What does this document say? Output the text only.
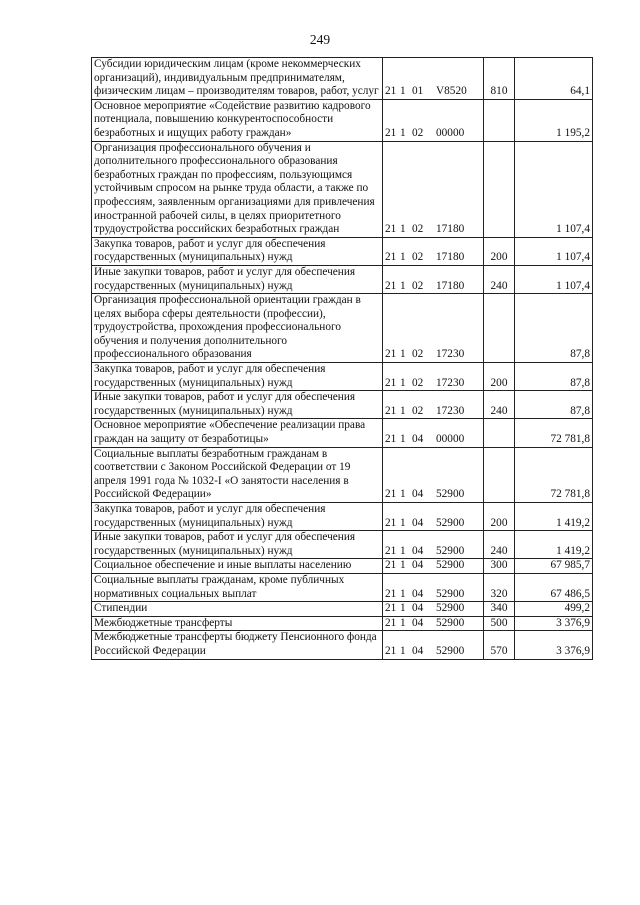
249
Субсидии юридическим лицам (кроме некоммерческих организаций), индивидуальным предпринимателям, физическим лицам – производителям товаров, работ, услуг	21 1 01 V8520	810	64,1
Основное мероприятие «Содействие развитию кадрового потенциала, повышению конкурентоспособности безработных и ищущих работу граждан»	21 1 02 00000		1 195,2
Организация профессионального обучения и дополнительного профессионального образования безработных граждан по профессиям, пользующимся устойчивым спросом на рынке труда области, а также по профессиям, заявленным организациями для привлечения иностранной рабочей силы, в целях приоритетного трудоустройства российских безработных граждан	21 1 02 17180		1 107,4
Закупка товаров, работ и услуг для обеспечения государственных (муниципальных) нужд	21 1 02 17180	200	1 107,4
Иные закупки товаров, работ и услуг для обеспечения государственных (муниципальных) нужд	21 1 02 17180	240	1 107,4
Организация профессиональной ориентации граждан в целях выбора сферы деятельности (профессии), трудоустройства, прохождения профессионального обучения и получения дополнительного профессионального образования	21 1 02 17230		87,8
Закупка товаров, работ и услуг для обеспечения государственных (муниципальных) нужд	21 1 02 17230	200	87,8
Иные закупки товаров, работ и услуг для обеспечения государственных (муниципальных) нужд	21 1 02 17230	240	87,8
Основное мероприятие «Обеспечение реализации права граждан на защиту от безработицы»	21 1 04 00000		72 781,8
Социальные выплаты безработным гражданам в соответствии с Законом Российской Федерации от 19 апреля 1991 года № 1032-I «О занятости населения в Российской Федерации»	21 1 04 52900		72 781,8
Закупка товаров, работ и услуг для обеспечения государственных (муниципальных) нужд	21 1 04 52900	200	1 419,2
Иные закупки товаров, работ и услуг для обеспечения государственных (муниципальных) нужд	21 1 04 52900	240	1 419,2
Социальное обеспечение и иные выплаты населению	21 1 04 52900	300	67 985,7
Социальные выплаты гражданам, кроме публичных нормативных социальных выплат	21 1 04 52900	320	67 486,5
Стипендии	21 1 04 52900	340	499,2
Межбюджетные трансферты	21 1 04 52900	500	3 376,9
Межбюджетные трансферты бюджету Пенсионного фонда Российской Федерации	21 1 04 52900	570	3 376,9
